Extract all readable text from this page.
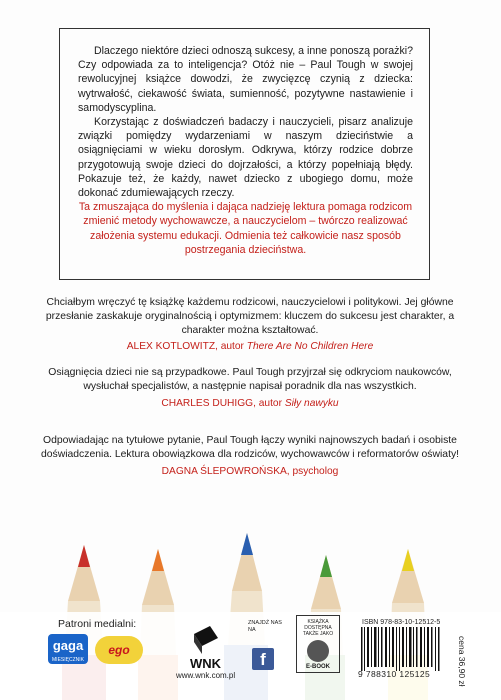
Dlaczego niektóre dzieci odnoszą sukcesy, a inne ponoszą porażki? Czy odpowiada za to inteligencja? Otóż nie – Paul Tough w swojej rewolucyjnej książce dowodzi, że zwycięzcę czynią z dziecka: wytrwałość, ciekawość świata, sumienność, pozytywne nastawienie i samodyscyplina.

Korzystając z doświadczeń badaczy i nauczycieli, pisarz analizuje związki pomiędzy wydarzeniami w naszym dzieciństwie a osiągnięciami w wieku dorosłym. Odkrywa, którzy rodzice dobrze przygotowują swoje dzieci do dojrzałości, a którzy popełniają błędy. Pokazuje też, że każdy, nawet dziecko z ubogiego domu, może dokonać zdumiewających rzeczy.

Ta zmuszająca do myślenia i dająca nadzieję lektura pomaga rodzicom zmienić metody wychowawcze, a nauczycielom – twórczo realizować założenia systemu edukacji. Odmienia też całkowicie nasz sposób postrzegania dzieciństwa.

Chciałbym wręczyć tę książkę każdemu rodzicowi, nauczycielowi i politykowi. Jej główne przesłanie zaskakuje oryginalnością i optymizmem: kluczem do sukcesu jest charakter, a charakter można kształtować.

ALEX KOTLOWITZ, autor There Are No Children Here

Osiągnięcia dzieci nie są przypadkowe. Paul Tough przyjrzał się odkryciom naukowców, wysłuchał specjalistów, a następnie napisał poradnik dla nas wszystkich.

CHARLES DUHIGG, autor Siły nawyku

Odpowiadając na tytułowe pytanie, Paul Tough łączy wyniki najnowszych badań i osobiste doświadczenia. Lektura obowiązkowa dla rodziców, wychowawców i reformatorów oświaty!

DAGNA ŚLEPOWROŃSKA, psycholog

Patroni medialni:
gaga
MIESIĘCZNIK
ego
WNK
www.wnk.com.pl
ZNAJDŹ NAS NA
f
KSIĄŻKA DOSTĘPNA TAKŻE JAKO
E-BOOK
ISBN 978-83-10-12512-5
9 788310 125125	cena 36,90 zł
